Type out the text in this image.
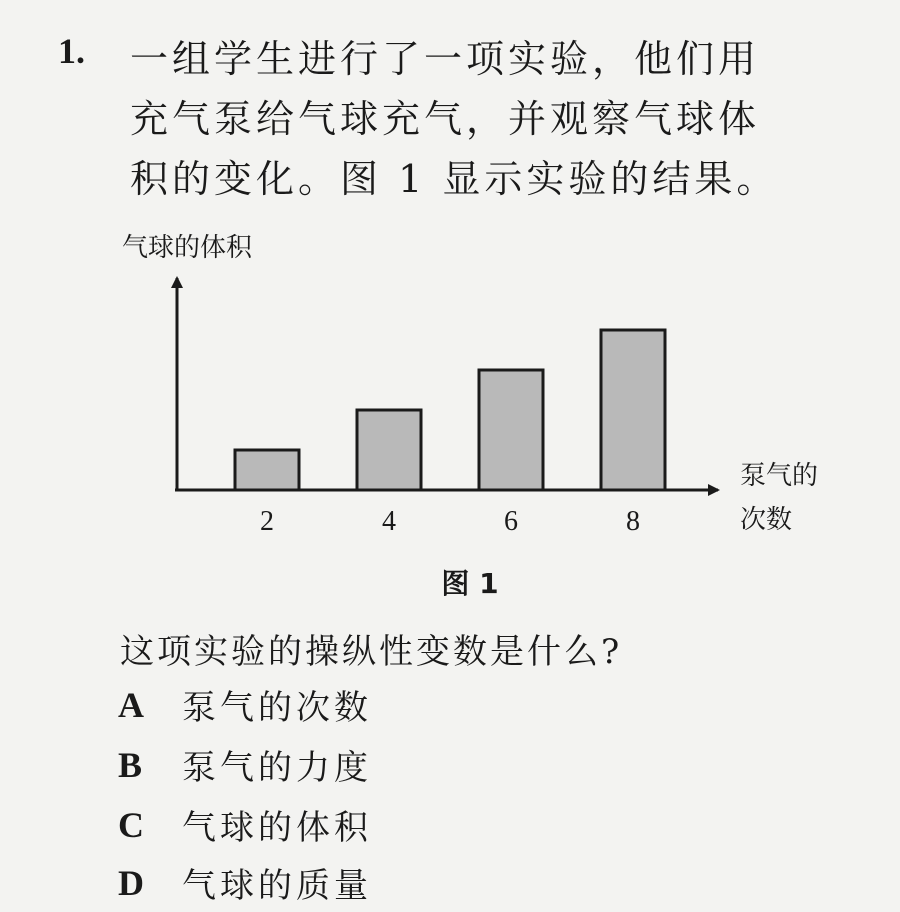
1. 一组学生进行了一项实验，他们用
充气泵给气球充气，并观察气球体
积的变化。图 1 显示实验的结果。
气球的体积
2	4	6	8
泵气的
次数
图 1
这项实验的操纵性变数是什么?
A	泵气的次数
B	泵气的力度
C	气球的体积
D	气球的质量
